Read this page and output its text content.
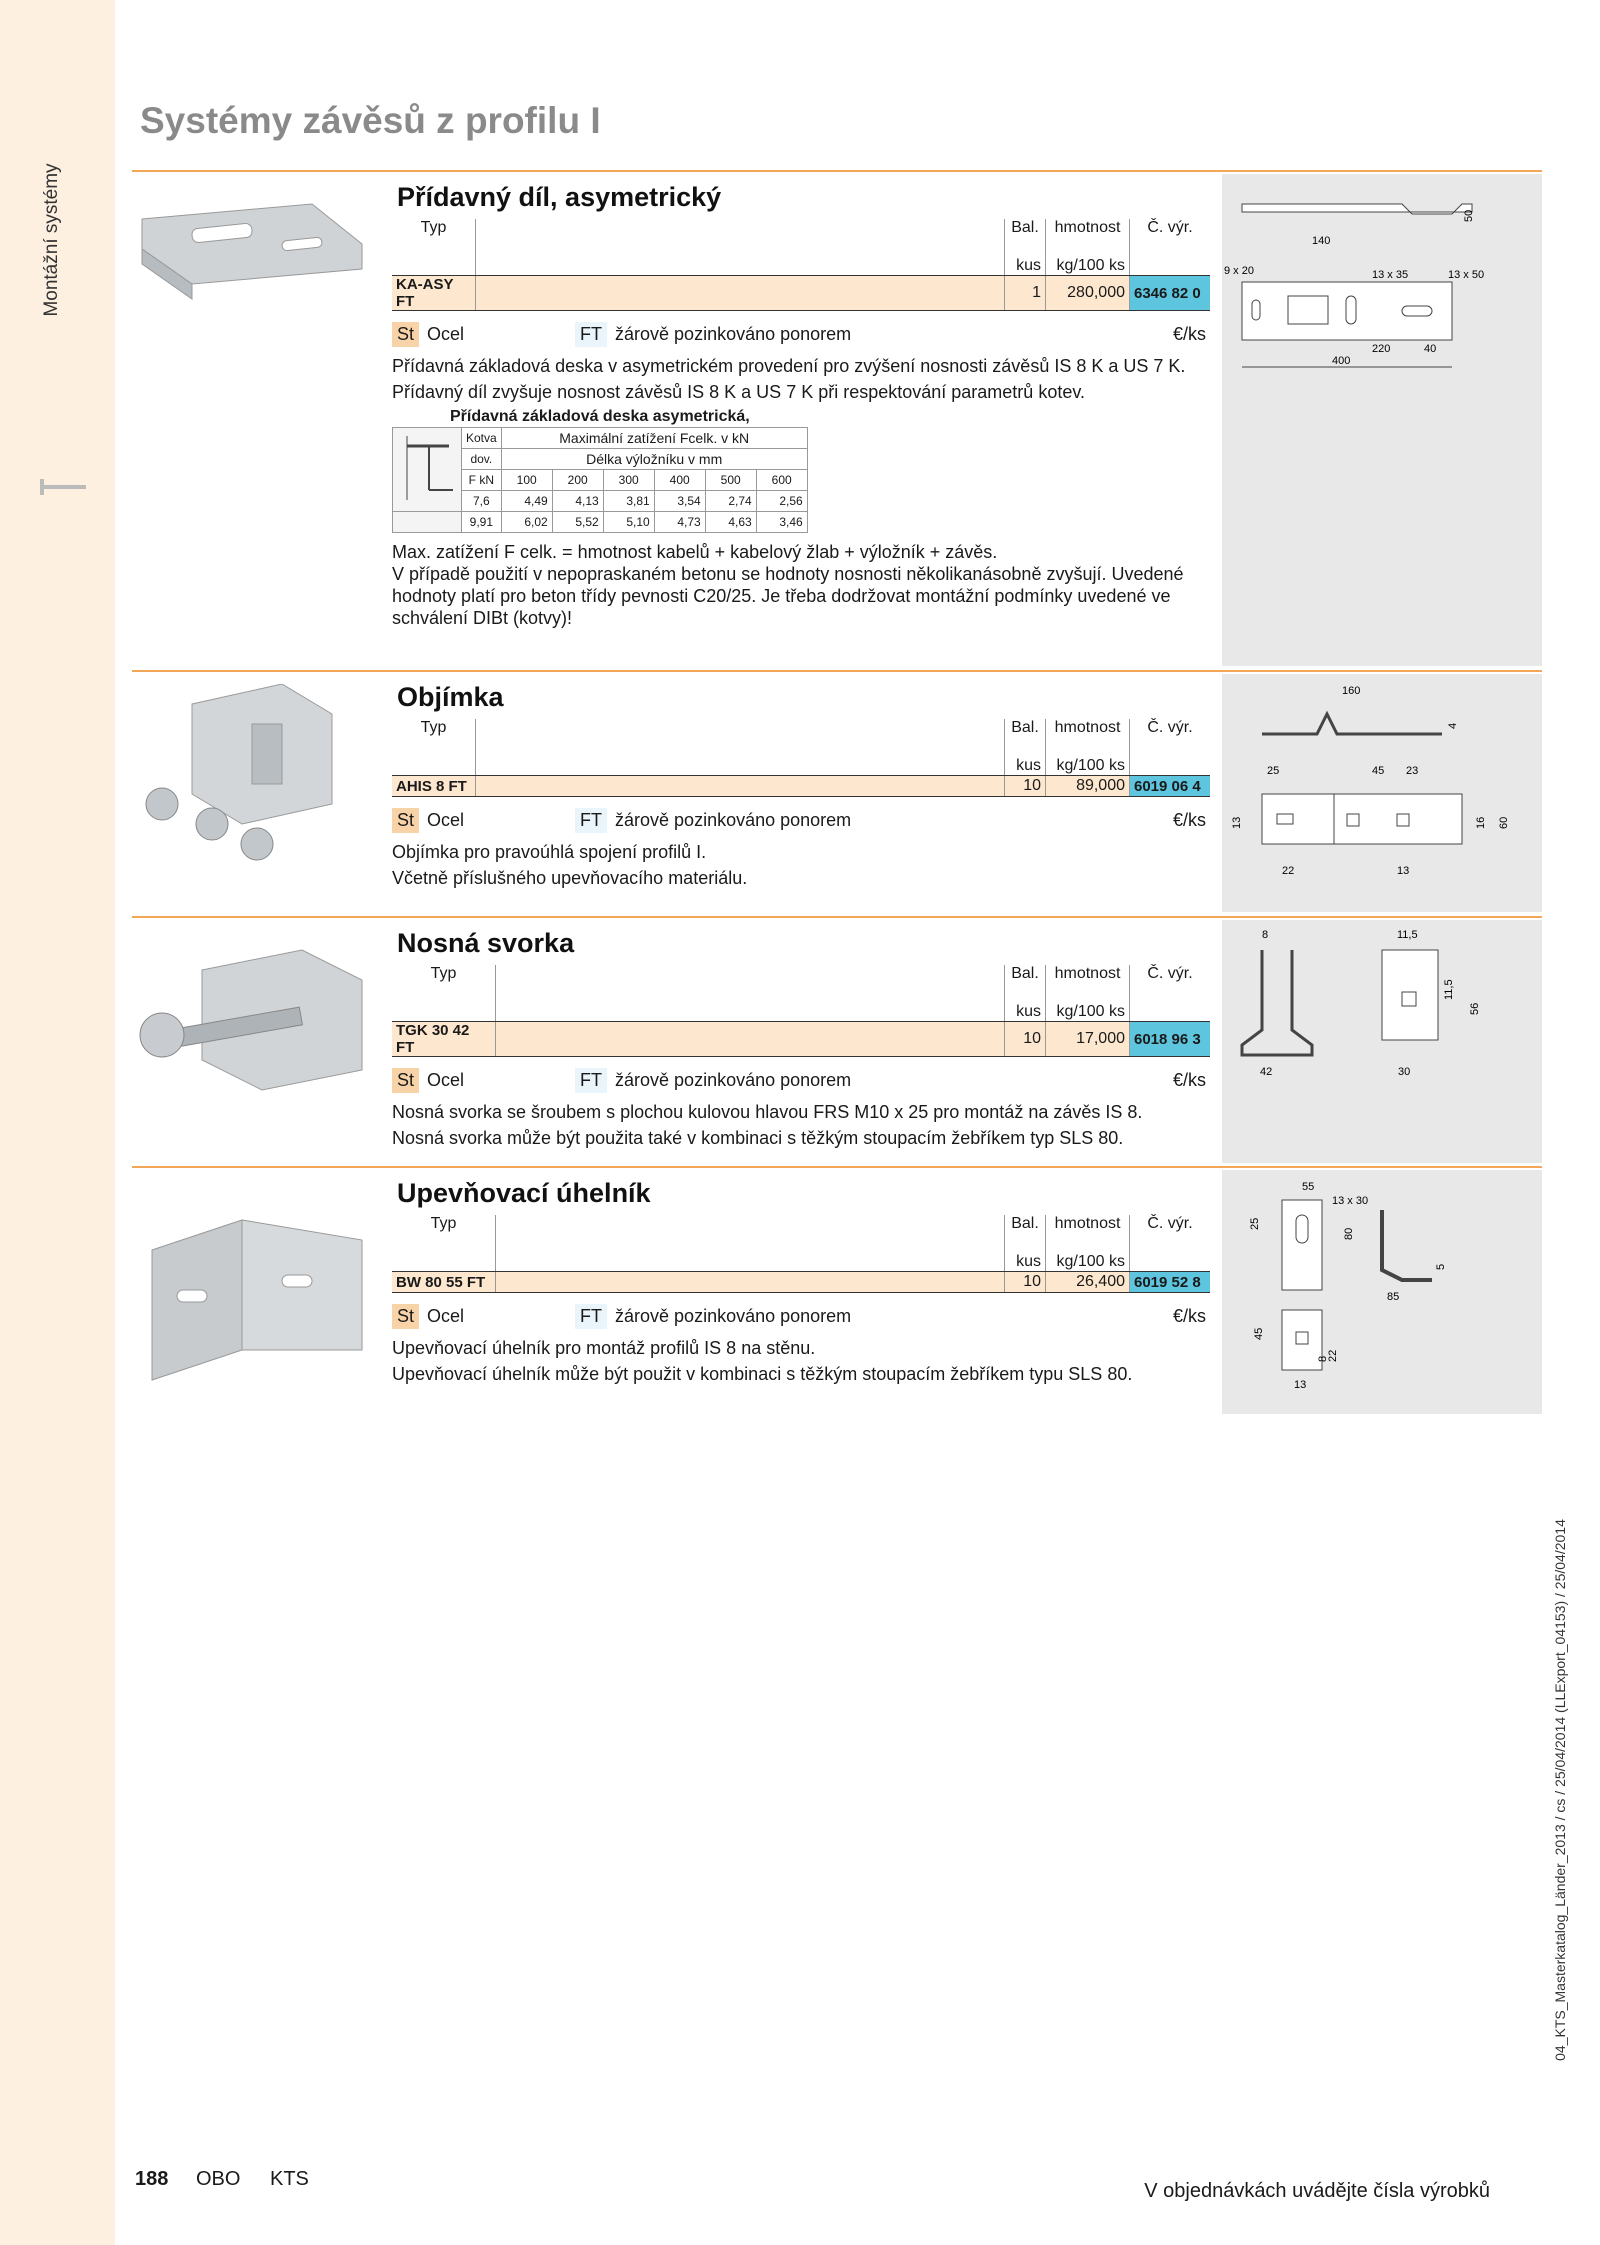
Montážní systémy
Systémy závěsů z profilu I
Přídavný díl, asymetrický
Typ		Bal.	hmotnost	Č. výr.
		kus	kg/100 ks	
KA-ASY FT		1	280,000	6346 82 0
St Ocel	FT žárově pozinkováno ponorem	€/ks

Přídavná základová deska v asymetrickém provedení pro zvýšení nosnosti závěsů IS 8 K a US 7 K.

Přídavný díl zvyšuje nosnost závěsů IS 8 K a US 7 K při respektování parametrů kotev.

Přídavná základová deska asymetrická,							
	Kotva	Maximální zatížení Fcelk. v kN					
	dov.	Délka výložníku v mm					
	F kN	100	200	300	400	500	600
	7,6	4,49	4,13	3,81	3,54	2,74	2,56
	9,91	6,02	5,52	5,10	4,73	4,63	3,46

Max. zatížení F celk. = hmotnost kabelů + kabelový žlab + výložník + závěs.

V případě použití v nepopraskaném betonu se hodnoty nosnosti několikanásobně zvyšují. Uvedené hodnoty platí pro beton třídy pevnosti C20/25. Je třeba dodržovat montážní podmínky uvedené ve schválení DIBt (kotvy)!

50
140
9 x 20	13 x 35	13 x 50
220	40
400
Objímka
Typ		Bal.	hmotnost	Č. výr.
		kus	kg/100 ks	
AHIS 8 FT		10	89,000	6019 06 4
St Ocel	FT žárově pozinkováno ponorem	€/ks

Objímka pro pravoúhlá spojení profilů I.

Včetně příslušného upevňovacího materiálu.

160
4
25	45 23
13	16 60
22	13
Nosná svorka
Typ		Bal.	hmotnost	Č. výr.
		kus	kg/100 ks	
TGK 30 42 FT		10	17,000	6018 96 3
St Ocel	FT žárově pozinkováno ponorem	€/ks

Nosná svorka se šroubem s plochou kulovou hlavou FRS M10 x 25 pro montáž na závěs IS 8.

Nosná svorka může být použita také v kombinaci s těžkým stoupacím žebříkem typ SLS 80.

8	11,5
11,5
56
42	30
Upevňovací úhelník
Typ		Bal.	hmotnost	Č. výr.
		kus	kg/100 ks	
BW 80 55 FT		10	26,400	6019 52 8
St Ocel	FT žárově pozinkováno ponorem	€/ks

Upevňovací úhelník pro montáž profilů IS 8 na stěnu.

Upevňovací úhelník může být použit v kombinaci s těžkým stoupacím žebříkem typu SLS 80.

55
13 x 30
25
80
5
85
45
22
8
13
188 OBO KTS
V objednávkách uvádějte čísla výrobků
04_KTS_Masterkatalog_Länder_2013 / cs / 25/04/2014 (LLExport_04153) / 25/04/2014
